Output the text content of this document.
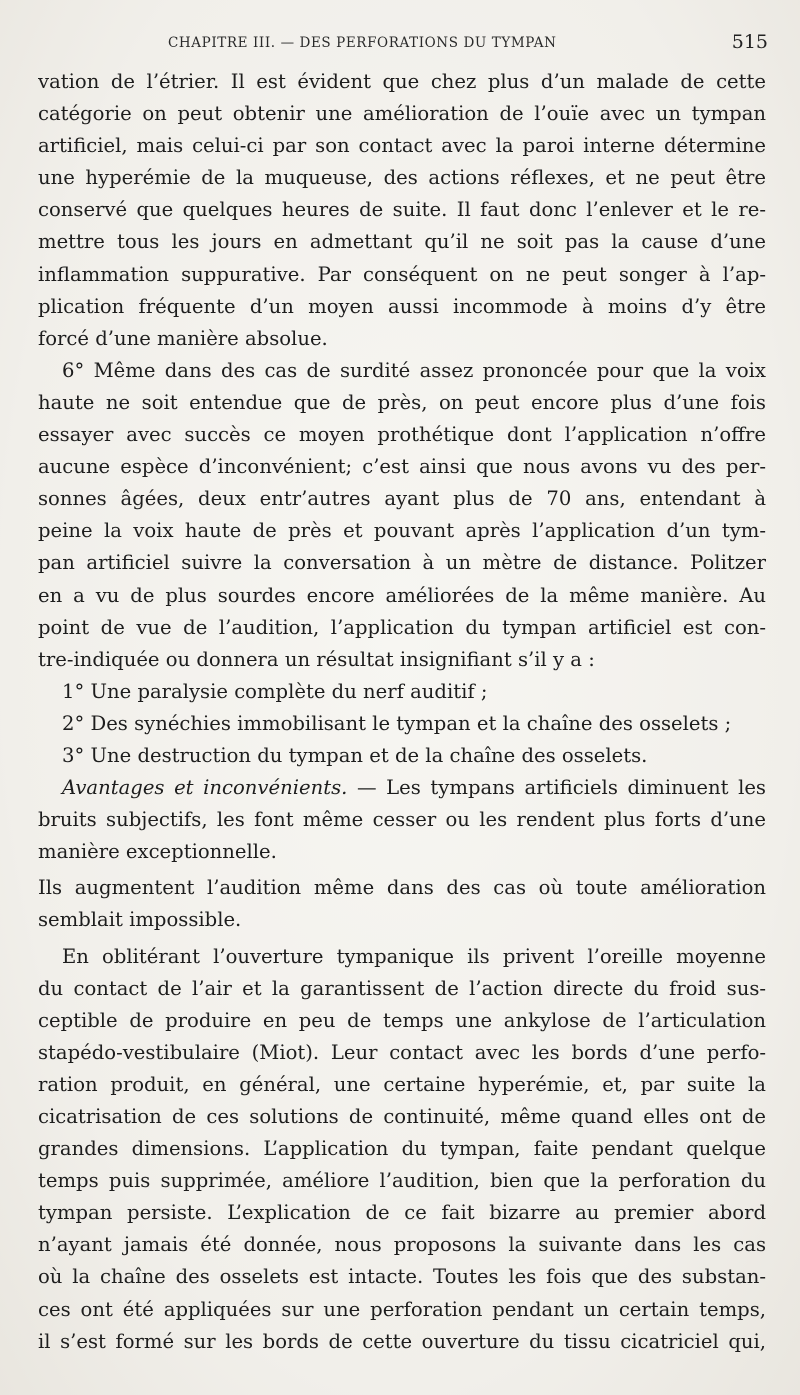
CHAPITRE III. — DES PERFORATIONS DU TYMPAN	515
vation de l’étrier. Il est évident que chez plus d’un malade de cette
catégorie on peut obtenir une amélioration de l’ouïe avec un tympan
artificiel, mais celui-ci par son contact avec la paroi interne détermine
une hyperémie de la muqueuse, des actions réflexes, et ne peut être
conservé que quelques heures de suite. Il faut donc l’enlever et le re-
mettre tous les jours en admettant qu’il ne soit pas la cause d’une
inflammation suppurative. Par conséquent on ne peut songer à l’ap-
plication fréquente d’un moyen aussi incommode à moins d’y être
forcé d’une manière absolue.
6° Même dans des cas de surdité assez prononcée pour que la voix
haute ne soit entendue que de près, on peut encore plus d’une fois
essayer avec succès ce moyen prothétique dont l’application n’offre
aucune espèce d’inconvénient; c’est ainsi que nous avons vu des per-
sonnes âgées, deux entr’autres ayant plus de 70 ans, entendant à
peine la voix haute de près et pouvant après l’application d’un tym-
pan artificiel suivre la conversation à un mètre de distance. Politzer
en a vu de plus sourdes encore améliorées de la même manière. Au
point de vue de l’audition, l’application du tympan artificiel est con-
tre-indiquée ou donnera un résultat insignifiant s’il y a :
1° Une paralysie complète du nerf auditif ;
2° Des synéchies immobilisant le tympan et la chaîne des osselets ;
3° Une destruction du tympan et de la chaîne des osselets.
Avantages et inconvénients. — Les tympans artificiels diminuent les
bruits subjectifs, les font même cesser ou les rendent plus forts d’une
manière exceptionnelle.
Ils augmentent l’audition même dans des cas où toute amélioration
semblait impossible.
En oblitérant l’ouverture tympanique ils privent l’oreille moyenne
du contact de l’air et la garantissent de l’action directe du froid sus-
ceptible de produire en peu de temps une ankylose de l’articulation
stapédo-vestibulaire (Miot). Leur contact avec les bords d’une perfo-
ration produit, en général, une certaine hyperémie, et, par suite la
cicatrisation de ces solutions de continuité, même quand elles ont de
grandes dimensions. L’application du tympan, faite pendant quelque
temps puis supprimée, améliore l’audition, bien que la perforation du
tympan persiste. L’explication de ce fait bizarre au premier abord
n’ayant jamais été donnée, nous proposons la suivante dans les cas
où la chaîne des osselets est intacte. Toutes les fois que des substan-
ces ont été appliquées sur une perforation pendant un certain temps,
il s’est formé sur les bords de cette ouverture du tissu cicatriciel qui,
